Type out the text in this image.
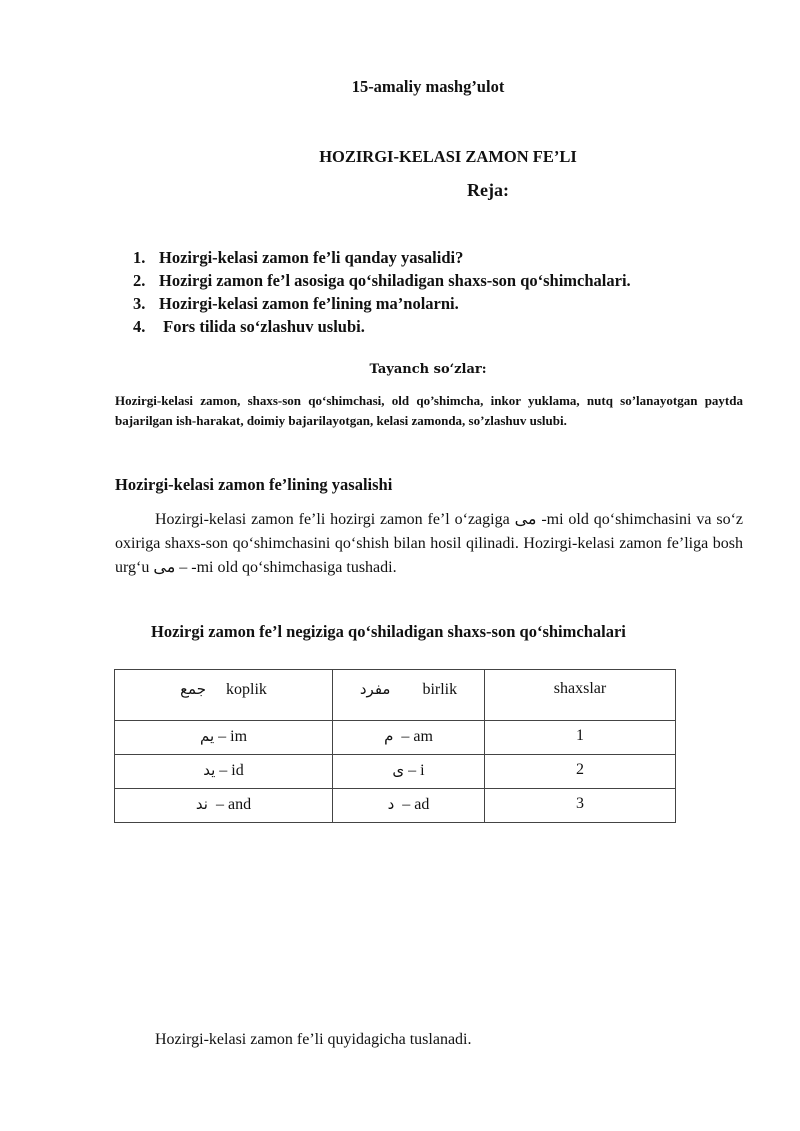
15-amaliy mashg’ulot
HOZIRGI-KELASI ZAMON FE’LI
Reja:
1. Hozirgi-kelasi zamon fe’li qanday yasalidi?
2. Hozirgi zamon fe’l asosiga qo‘shiladigan shaxs-son qo‘shimchalari.
3. Hozirgi-kelasi zamon fe’lining ma’nolarni.
4. Fors tilida so‘zlashuv uslubi.
Tayanch so‘zlar:
Hozirgi-kelasi zamon, shaxs-son qo‘shimchasi, old qo’shimcha, inkor yuklama, nutq so’lanayotgan paytda bajarilgan ish-harakat, doimiy bajarilayotgan, kelasi zamonda, so’zlashuv uslubi.
Hozirgi-kelasi zamon fe’lining yasalishi
Hozirgi-kelasi zamon fe’li hozirgi zamon fe’l o‘zagiga می -mi old qo‘shimchasini va so‘z oxiriga shaxs-son qo‘shimchasini qo‘shish bilan hosil qilinadi. Hozirgi-kelasi zamon fe’liga bosh urg‘u می – -mi old qo‘shimchasiga tushadi.
Hozirgi zamon fe’l negiziga qo‘shiladigan shaxs-son qo‘shimchalari
جمع koplik	مفرد birlik	shaxslar
یم – im	م  – am	1
ید – id	ی – i	2
ند  – and	د  – ad	3
Hozirgi-kelasi zamon fe’li quyidagicha tuslanadi.
